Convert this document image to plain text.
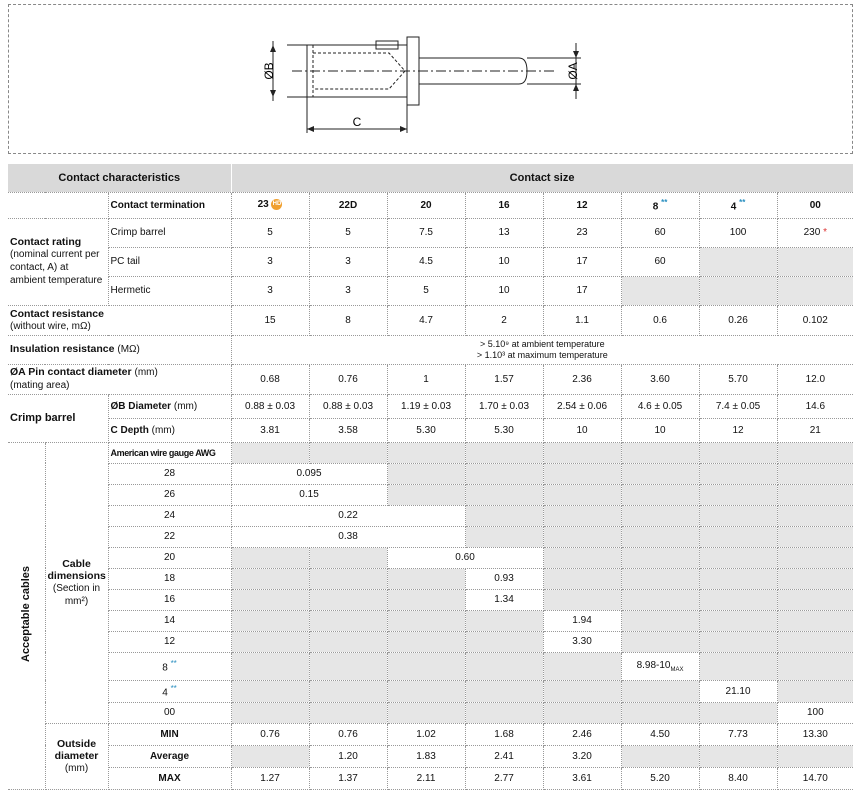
ØB	ØA
C
Contact characteristics			Contact size							
		Contact termination	23 HD	22D	20	16	12	8 **	4 **	00
Contact rating
(nominal current per contact, A) at ambient temperature		Crimp barrel	5	5	7.5	13	23	60	100	230 *
		PC tail	3	3	4.5	10	17	60		
		Hermetic	3	3	5	10	17			
Contact resistance
(without wire, mΩ)			15	8	4.7	2	1.1	0.6	0.26	0.102
Insulation resistance (MΩ)			> 5.10⁹ at ambient temperature
> 1.10³ at maximum temperature							
ØA Pin contact diameter (mm)
(mating area)			0.68	0.76	1	1.57	2.36	3.60	5.70	12.0
Crimp barrel		ØB Diameter (mm)	0.88 ± 0.03	0.88 ± 0.03	1.19 ± 0.03	1.70 ± 0.03	2.54 ± 0.06	4.6 ± 0.05	7.4 ± 0.05	14.6
		C Depth (mm)	3.81	3.58	5.30	5.30	10	10	12	21
Acceptable cables	Cable dimensions
(Section in mm²)	American wire gauge AWG								
		28	0.095							
		26	0.15							
		24	0.22							
		22	0.38							
		20			0.60					
		18				0.93				
		16				1.34				
		14					1.94			
		12					3.30			
		8 **						$8.98-10_{MAX}$		
		4 **							21.10	
		00								100
	Outside diameter
(mm)	MIN	0.76	0.76	1.02	1.68	2.46	4.50	7.73	13.30
		Average		1.20	1.83	2.41	3.20			
		MAX	1.27	1.37	2.11	2.77	3.61	5.20	8.40	14.70
